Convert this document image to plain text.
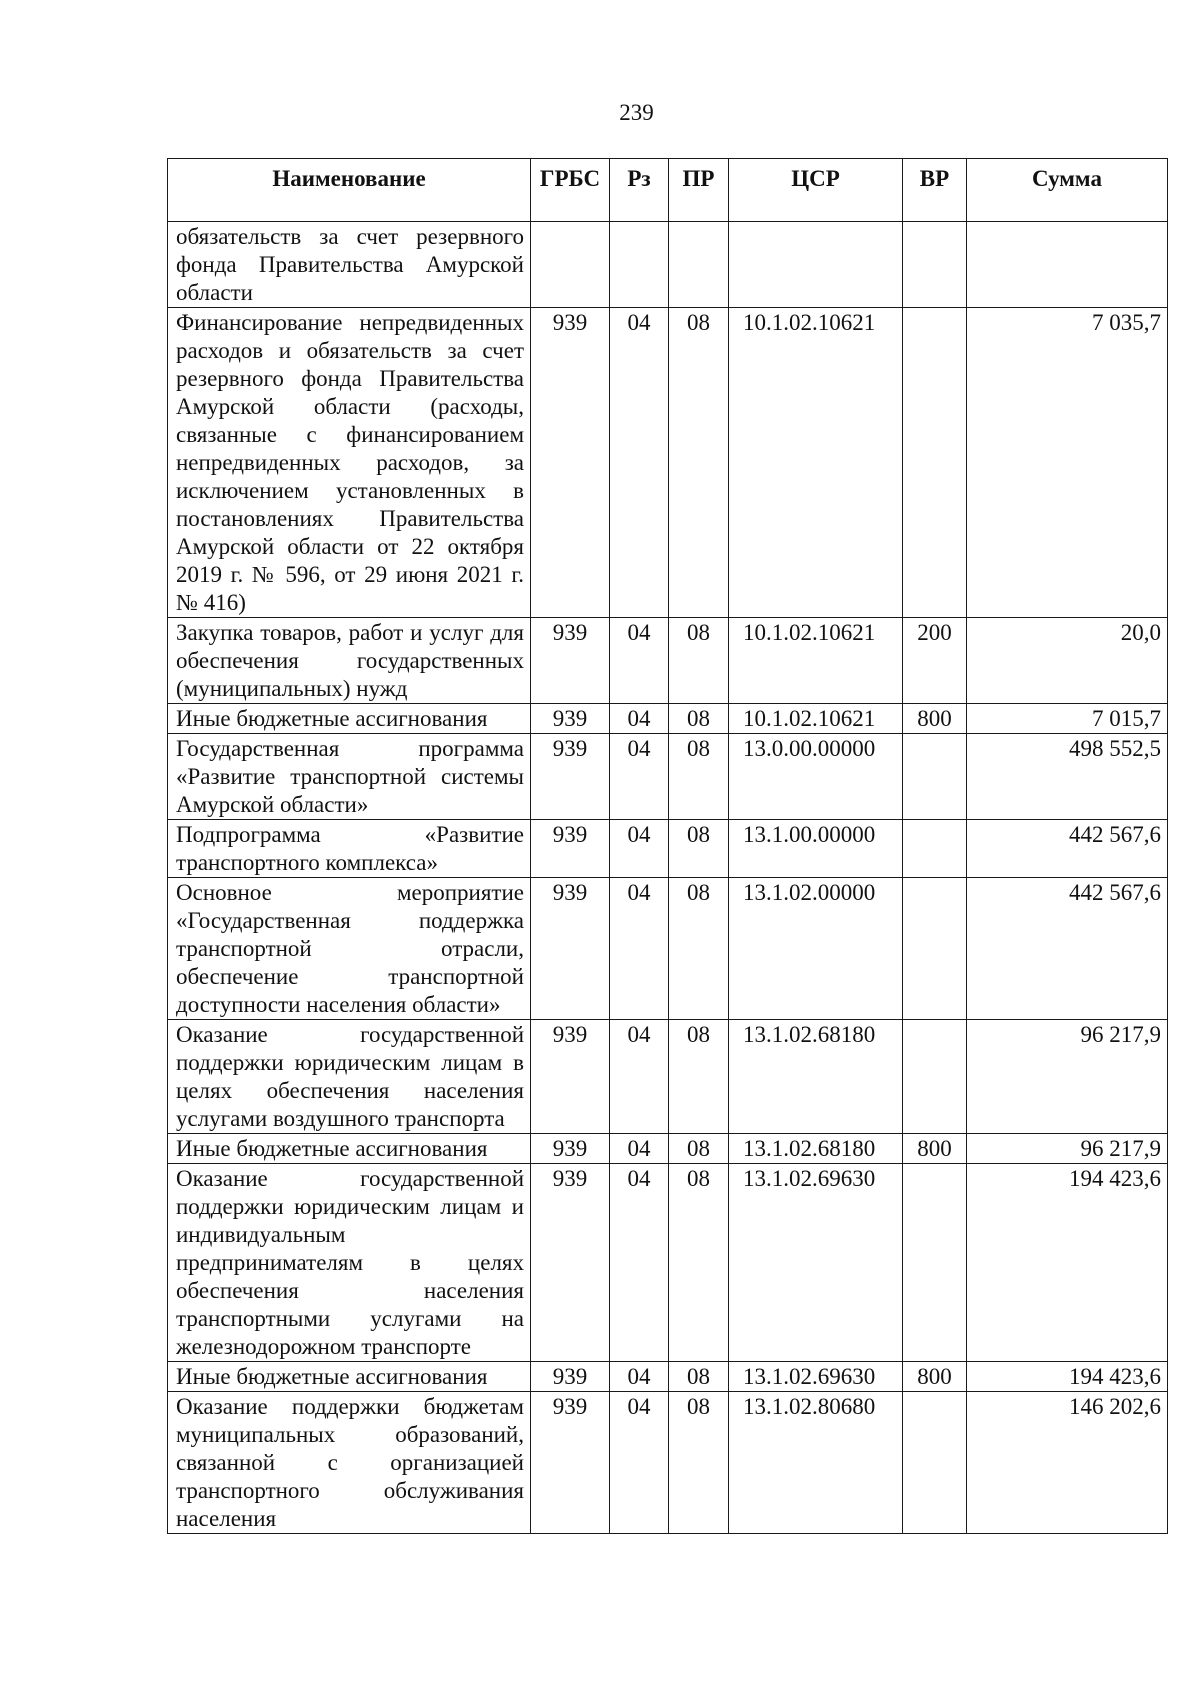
239
Наименование	ГРБС	Рз	ПР	ЦСР	ВР	Сумма
обязательств за счет резервного фонда Правительства Амурской области						
Финансирование непредвиденных расходов и обязательств за счет резервного фонда Правительства Амурской области (расходы, связанные с финансированием непредвиденных расходов, за исключением установленных в постановлениях Правительства Амурской области от 22 октября 2019 г. № 596, от 29 июня 2021 г. № 416)	939	04	08	10.1.02.10621		7 035,7
Закупка товаров, работ и услуг для обеспечения государственных (муниципальных) нужд	939	04	08	10.1.02.10621	200	20,0
Иные бюджетные ассигнования	939	04	08	10.1.02.10621	800	7 015,7
Государственная программа «Развитие транспортной системы Амурской области»	939	04	08	13.0.00.00000		498 552,5
Подпрограмма «Развитие транспортного комплекса»	939	04	08	13.1.00.00000		442 567,6
Основное мероприятие «Государственная поддержка транспортной отрасли, обеспечение транспортной доступности населения области»	939	04	08	13.1.02.00000		442 567,6
Оказание государственной поддержки юридическим лицам в целях обеспечения населения услугами воздушного транспорта	939	04	08	13.1.02.68180		96 217,9
Иные бюджетные ассигнования	939	04	08	13.1.02.68180	800	96 217,9
Оказание государственной поддержки юридическим лицам и индивидуальным предпринимателям в целях обеспечения населения транспортными услугами на железнодорожном транспорте	939	04	08	13.1.02.69630		194 423,6
Иные бюджетные ассигнования	939	04	08	13.1.02.69630	800	194 423,6
Оказание поддержки бюджетам муниципальных образований, связанной с организацией транспортного обслуживания населения	939	04	08	13.1.02.80680		146 202,6
